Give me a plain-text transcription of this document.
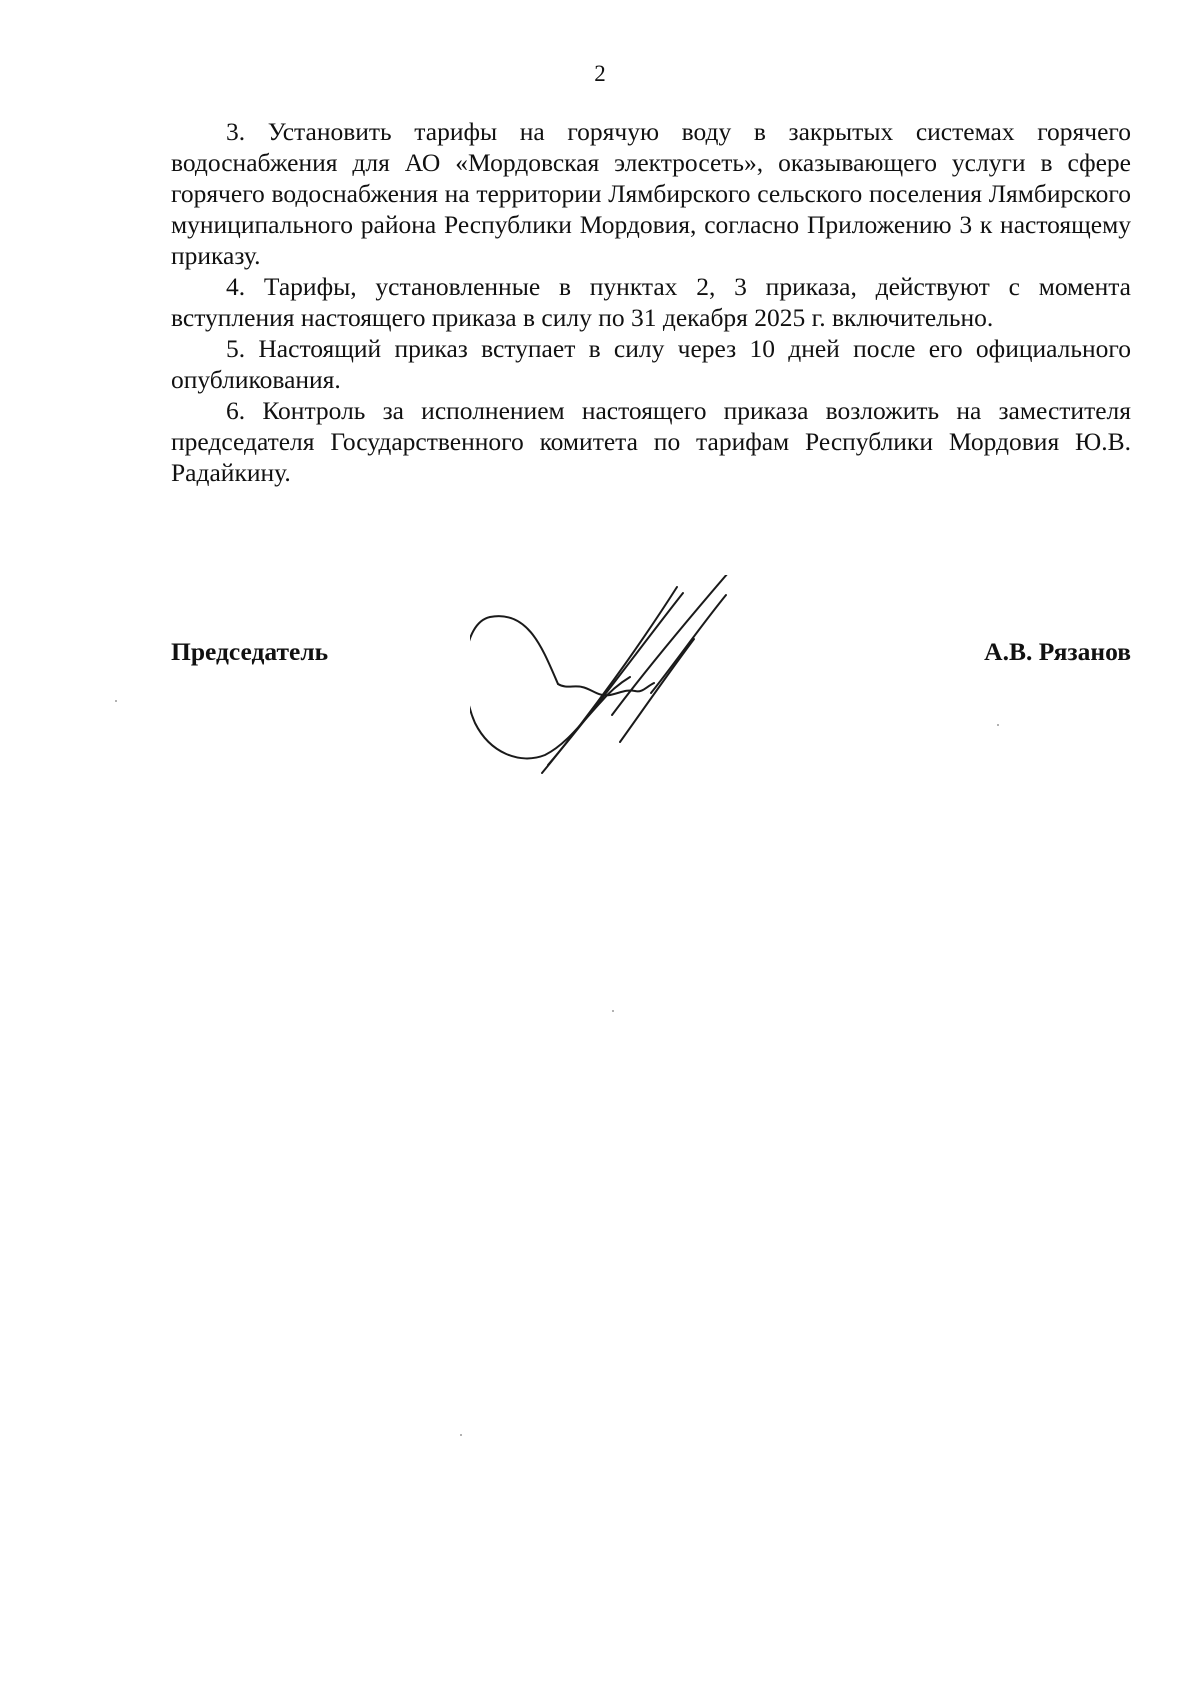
2

3. Установить тарифы на горячую воду в закрытых системах горячего водоснабжения для АО «Мордовская электросеть», оказывающего услуги в сфере горячего водоснабжения на территории Лямбирского сельского поселения Лямбирского муниципального района Республики Мордовия, согласно Приложению 3 к настоящему приказу.

4. Тарифы, установленные в пунктах 2, 3 приказа, действуют с момента вступления настоящего приказа в силу по 31 декабря 2025 г. включительно.

5. Настоящий приказ вступает в силу через 10 дней после его официального опубликования.

6. Контроль за исполнением настоящего приказа возложить на заместителя председателя Государственного комитета по тарифам Республики Мордовия Ю.В. Радайкину.

Председатель	А.В. Рязанов
